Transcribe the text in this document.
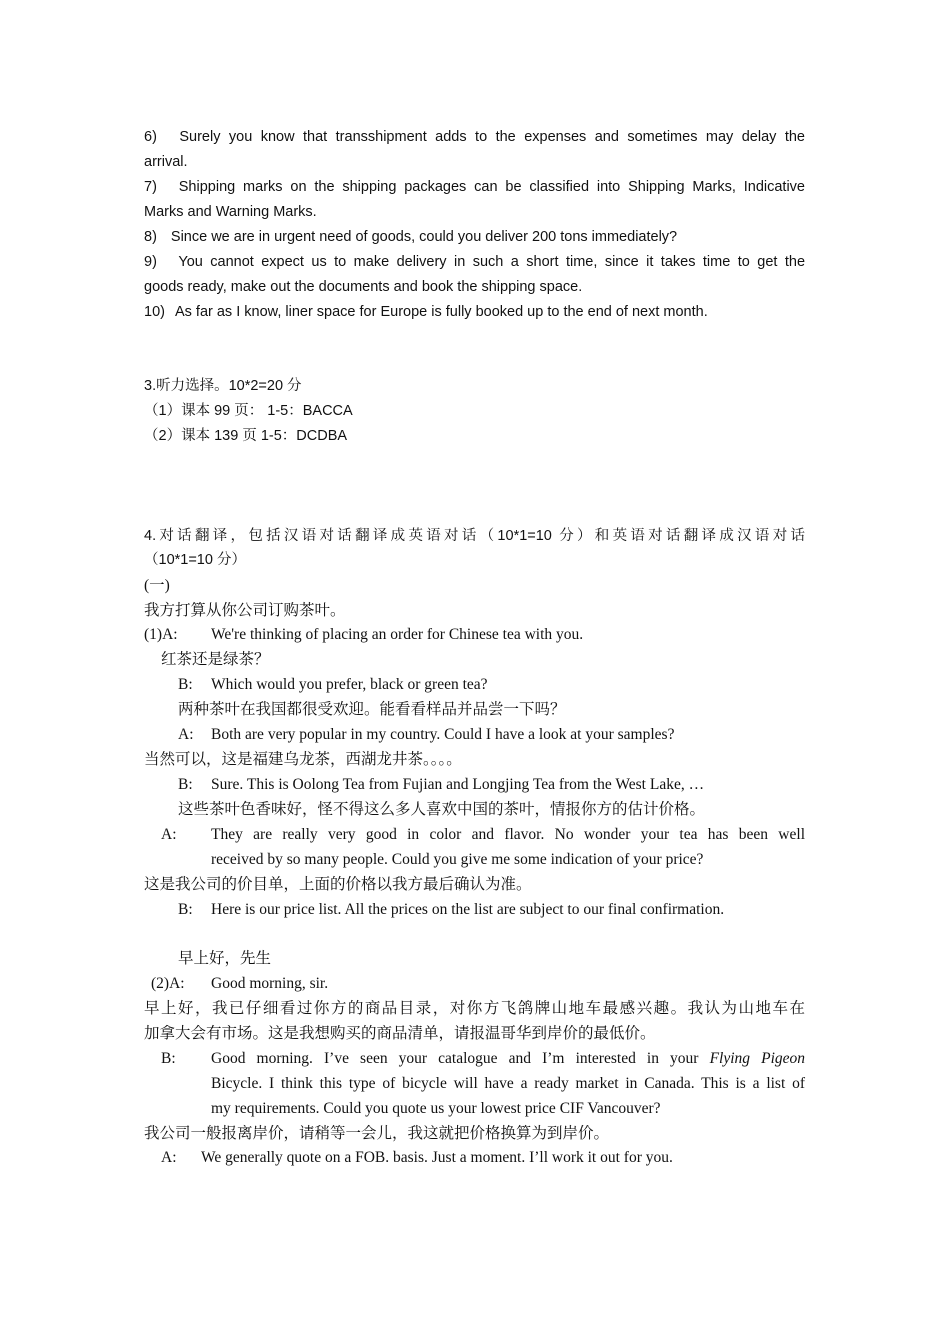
6) Surely you know that transshipment adds to the expenses and sometimes may delay the
arrival.
7) Shipping marks on the shipping packages can be classified into Shipping Marks, Indicative
Marks and Warning Marks.
8) Since we are in urgent need of goods, could you deliver 200 tons immediately?
9) You cannot expect us to make delivery in such a short time, since it takes time to get the
goods ready, make out the documents and book the shipping space.
10) As far as I know, liner space for Europe is fully booked up to the end of next month.
3.听力选择。10*2=20 分
（1）课本 99 页： 1-5：BACCA
（2）课本 139 页 1-5：DCDBA
4.对话翻译，包括汉语对话翻译成英语对话（10*1=10 分）和英语对话翻译成汉语对话
（10*1=10 分）
(一)
我方打算从你公司订购茶叶。
(1)A: We're thinking of placing an order for Chinese tea with you.
红茶还是绿茶？
B: Which would you prefer, black or green tea?
两种茶叶在我国都很受欢迎。能看看样品并品尝一下吗？
A: Both are very popular in my country. Could I have a look at your samples?
当然可以，这是福建乌龙茶，西湖龙井茶。。。。
B: Sure. This is Oolong Tea from Fujian and Longjing Tea from the West Lake, …
这些茶叶色香味好，怪不得这么多人喜欢中国的茶叶，情报你方的估计价格。
A: They are really very good in color and flavor. No wonder your tea has been well
received by so many people. Could you give me some indication of your price?
这是我公司的价目单，上面的价格以我方最后确认为准。
B: Here is our price list. All the prices on the list are subject to our final confirmation.
早上好，先生
(2)A: Good morning, sir.
早上好，我已仔细看过你方的商品目录，对你方飞鸽牌山地车最感兴趣。我认为山地车在
加拿大会有市场。这是我想购买的商品清单，请报温哥华到岸价的最低价。
B: Good morning. I’ve seen your catalogue and I’m interested in your Flying Pigeon
Bicycle. I think this type of bicycle will have a ready market in Canada. This is a list of
my requirements. Could you quote us your lowest price CIF Vancouver?
我公司一般报离岸价，请稍等一会儿，我这就把价格换算为到岸价。
A: We generally quote on a FOB. basis. Just a moment. I’ll work it out for you.
